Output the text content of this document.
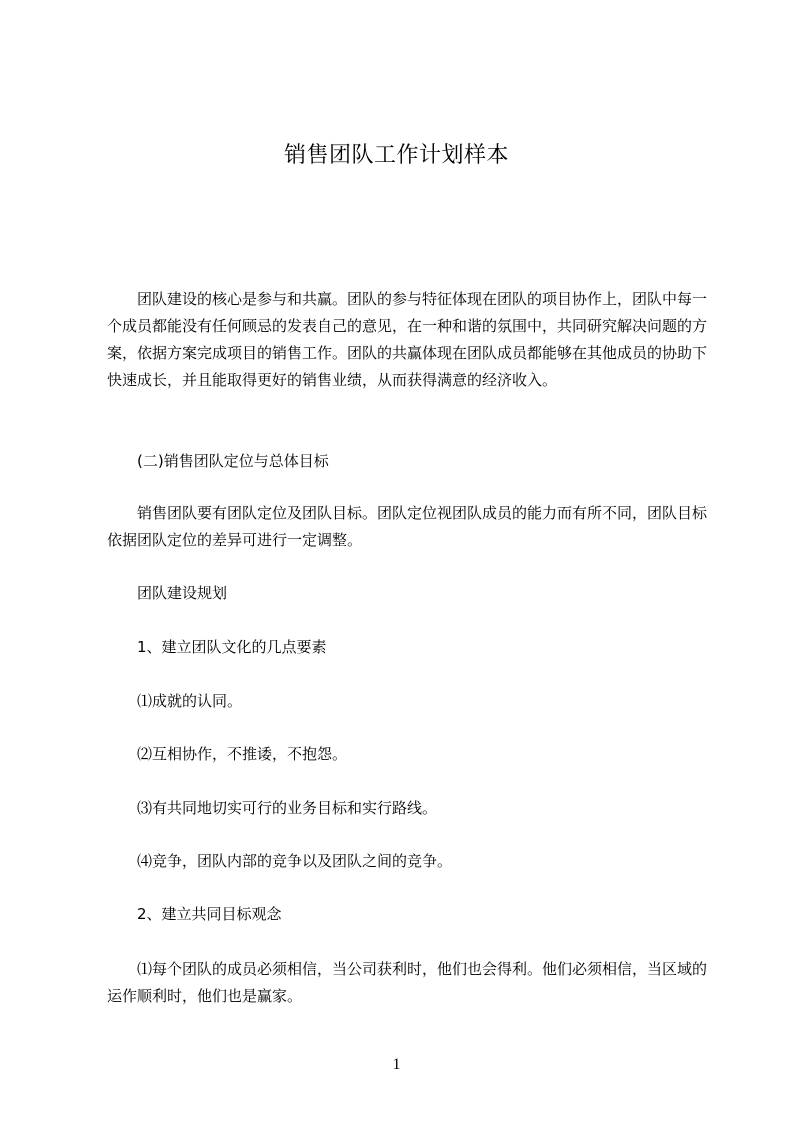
销售团队工作计划样本

团队建设的核心是参与和共赢。团队的参与特征体现在团队的项目协作上，团队中每一个成员都能没有任何顾忌的发表自己的意见，在一种和谐的氛围中，共同研究解决问题的方案，依据方案完成项目的销售工作。团队的共赢体现在团队成员都能够在其他成员的协助下快速成长，并且能取得更好的销售业绩，从而获得满意的经济收入。

(二)销售团队定位与总体目标

销售团队要有团队定位及团队目标。团队定位视团队成员的能力而有所不同，团队目标依据团队定位的差异可进行一定调整。

团队建设规划
1、建立团队文化的几点要素
⑴成就的认同。
⑵互相协作，不推诿，不抱怨。
⑶有共同地切实可行的业务目标和实行路线。
⑷竞争，团队内部的竞争以及团队之间的竞争。
2、建立共同目标观念

⑴每个团队的成员必须相信，当公司获利时，他们也会得利。他们必须相信，当区域的运作顺利时，他们也是赢家。

1
